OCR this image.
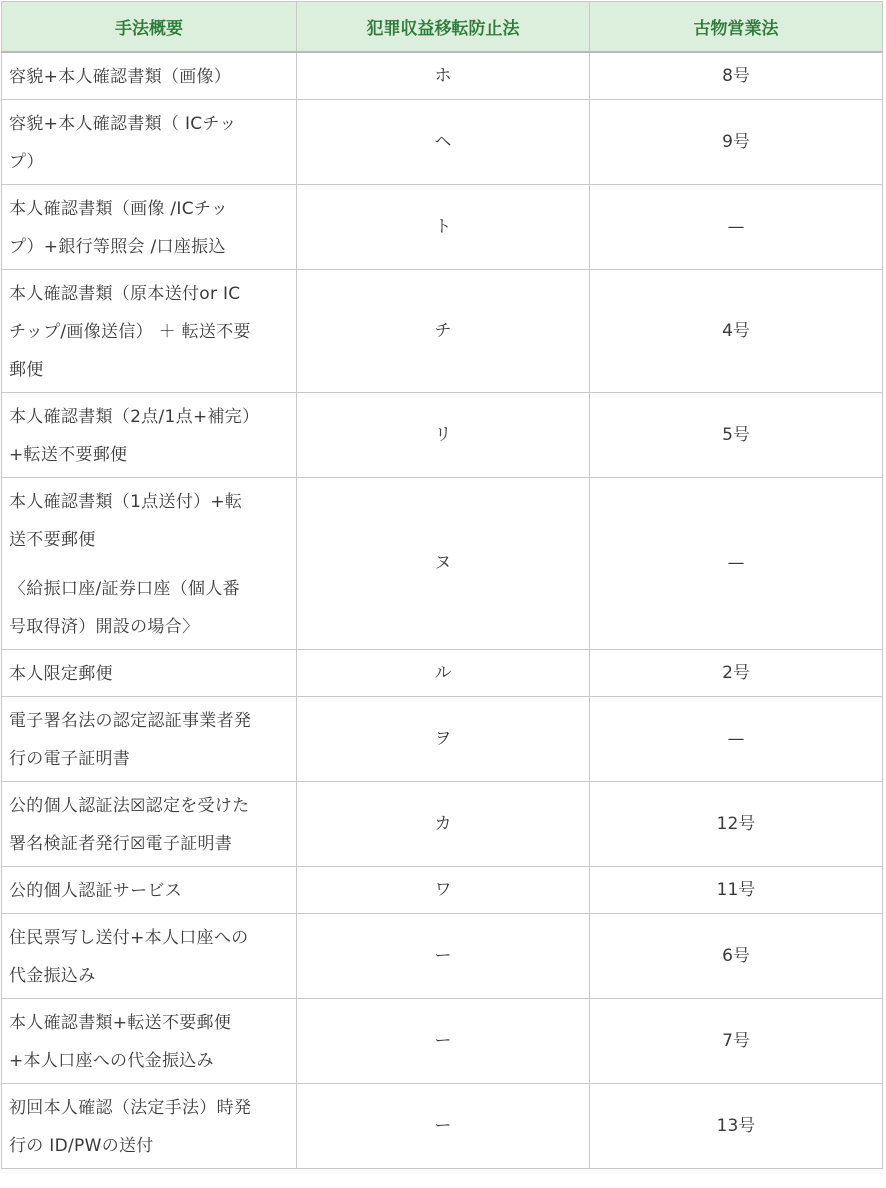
手法概要	犯罪収益移転防止法	古物営業法

容貌+本人確認書類（画像）	ホ	8号

容貌+本人確認書類（ ICチッ
プ）	ヘ	9号

本人確認書類（画像 /ICチッ
プ）+銀行等照会 /口座振込	ト	—

本人確認書類（原本送付or IC
チップ/画像送信） ＋ 転送不要
郵便	チ	4号

本人確認書類（2点/1点+補完）
+転送不要郵便	リ	5号

本人確認書類（1点送付）+転
送不要郵便
〈給振口座/証券口座（個人番
号取得済）開設の場合〉	ヌ	—

本人限定郵便	ル	2号

電子署名法の認定認証事業者発
行の電子証明書	ヲ	—

公的個人認証法☒認定を受けた
署名検証者発行☒電子証明書	カ	12号

公的個人認証サービス	ワ	11号

住民票写し送付+本人口座への
代金振込み	ー	6号

本人確認書類+転送不要郵便
+本人口座への代金振込み	ー	7号

初回本人確認（法定手法）時発
行の ID/PWの送付	ー	13号
